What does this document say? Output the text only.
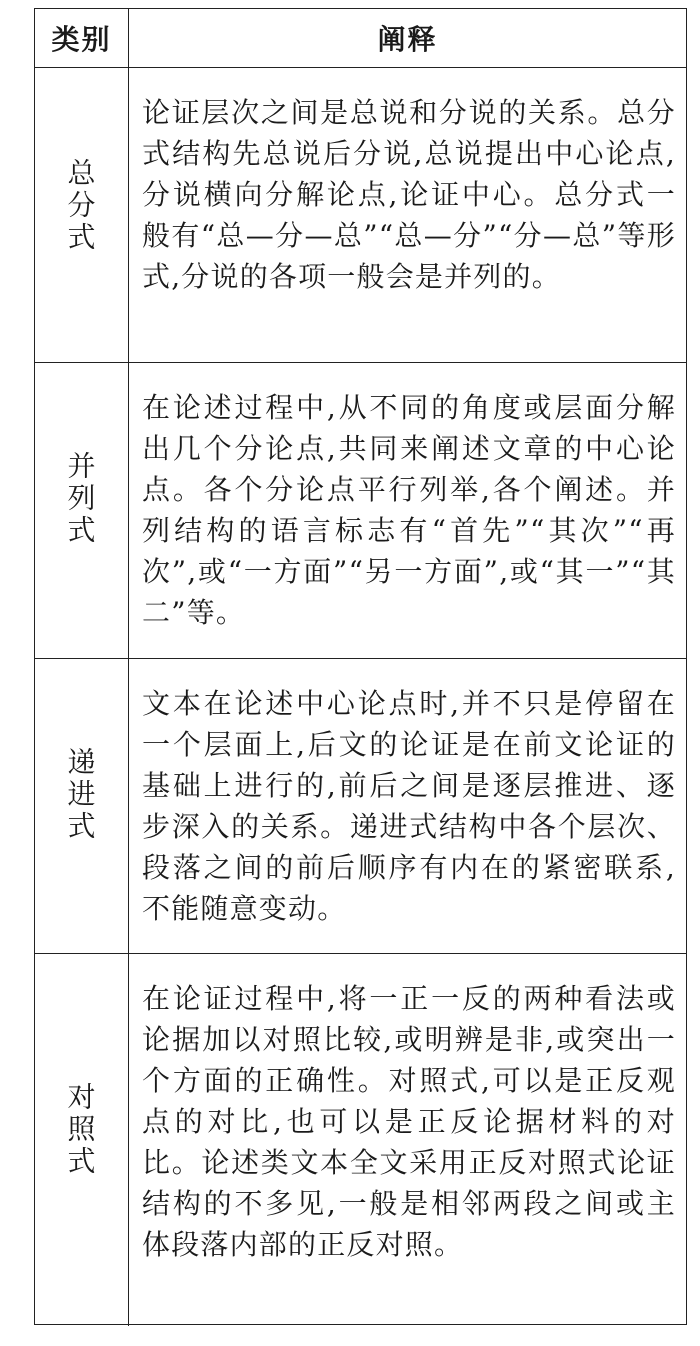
类别	阐释
总分式
论证层次之间是总说和分说的关系。总分式结构先总说后分说,总说提出中心论点,分说横向分解论点,论证中心。总分式一般有“总—分—总”“总—分”“分—总”等形式,分说的各项一般会是并列的。
并列式
在论述过程中,从不同的角度或层面分解出几个分论点,共同来阐述文章的中心论点。各个分论点平行列举,各个阐述。并列结构的语言标志有“首先”“其次”“再次”,或“一方面”“另一方面”,或“其一”“其二”等。
递进式
文本在论述中心论点时,并不只是停留在一个层面上,后文的论证是在前文论证的基础上进行的,前后之间是逐层推进、逐步深入的关系。递进式结构中各个层次、段落之间的前后顺序有内在的紧密联系,不能随意变动。
对照式
在论证过程中,将一正一反的两种看法或论据加以对照比较,或明辨是非,或突出一个方面的正确性。对照式,可以是正反观点的对比,也可以是正反论据材料的对比。论述类文本全文采用正反对照式论证结构的不多见,一般是相邻两段之间或主体段落内部的正反对照。
